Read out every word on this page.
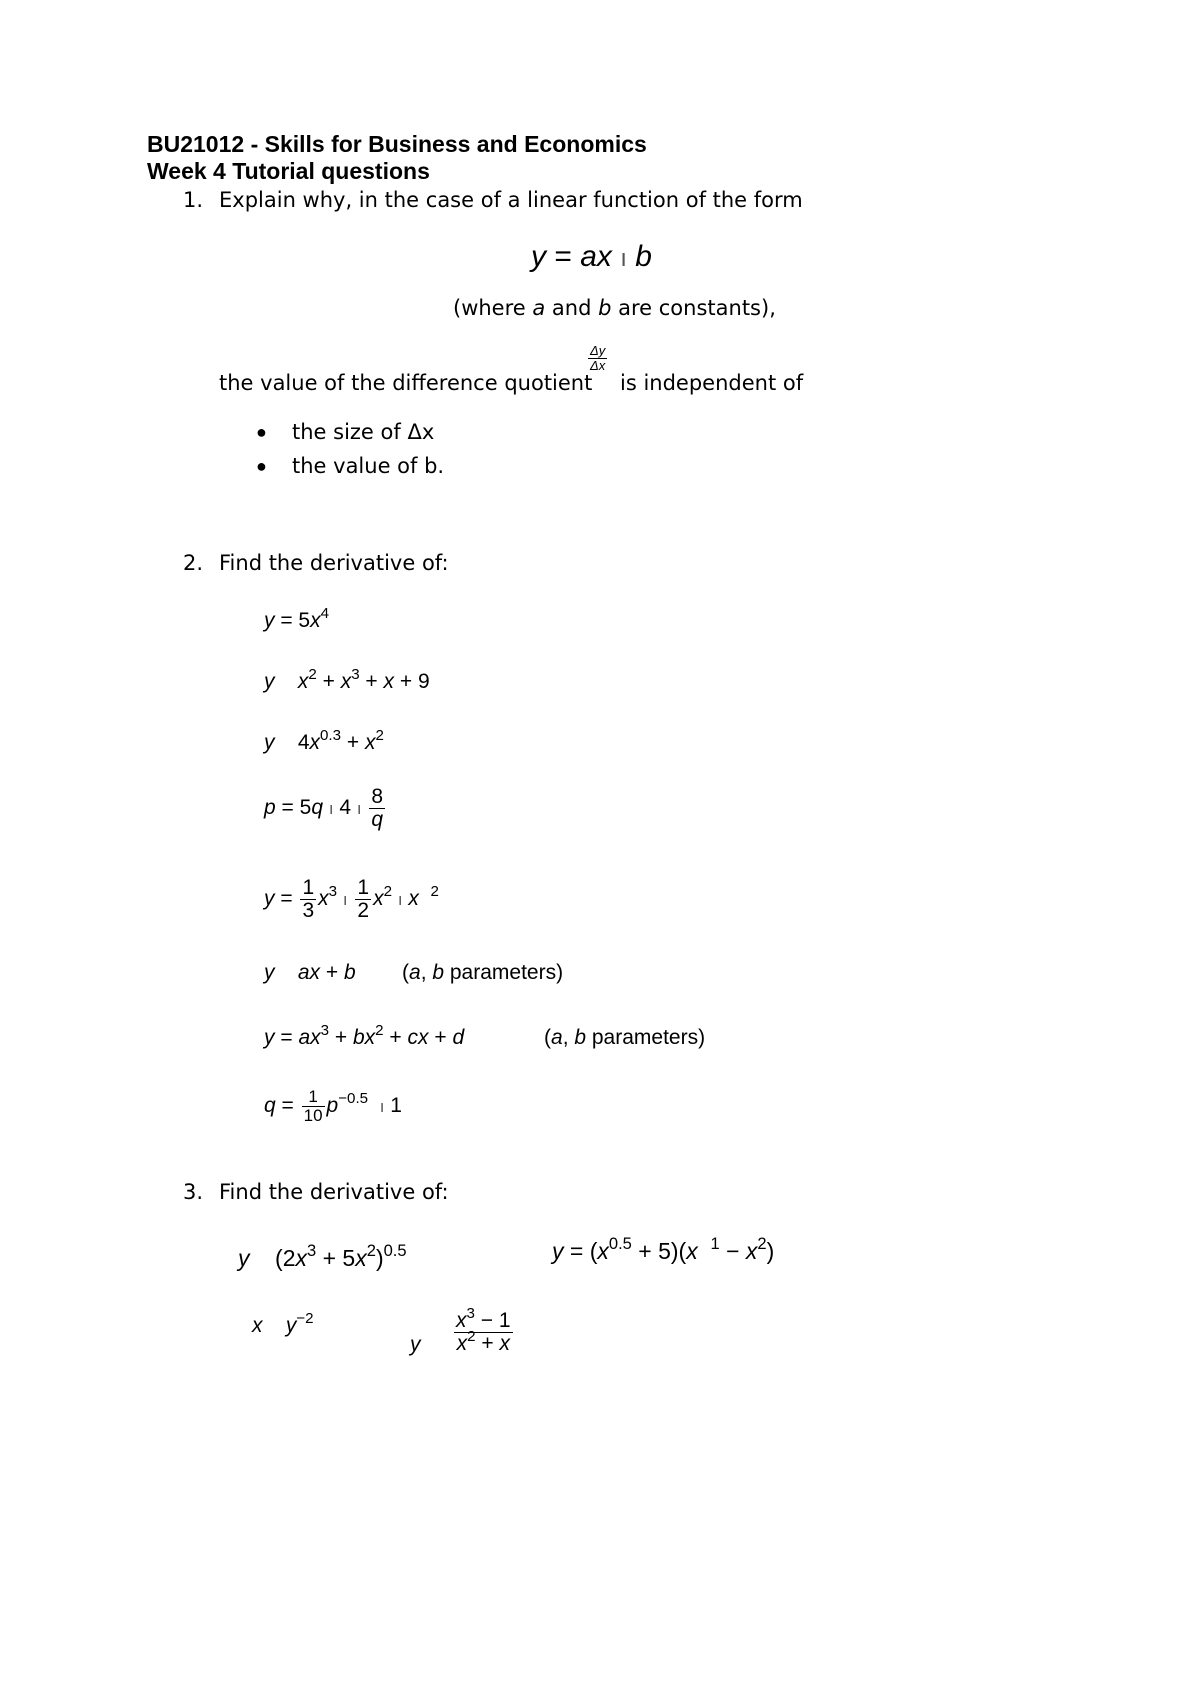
BU21012 - Skills for Business and Economics
Week 4 Tutorial questions
1. Explain why, in the case of a linear function of the form
y = ax ı b
(where a and b are constants),
the value of the difference quotient
$\frac{\Delta y}{\Delta x}$
is independent of
● the size of Δx
● the value of b.
2. Find the derivative of:
$y = 5x^4$
y $x^2 + x^3 + x + 9$
y    $4x^{0.3} + x^2$
p = 5q ı 4 ı $\frac{8}{q}$
$y = \frac{1}{3} x^3$ ı $\frac{1}{2} x^2$ ı x $^2$
y ax + b (a, b parameters)
$y = ax^3 + bx^2$ + cx + d	(a, b parameters)
$q = \frac{1}{10} p^{-0.5}$ ı 1
3. Find the derivative of:
y    $(2x^3 + 5x^2)^{0.5}$	$y = (x^{0.5} + 5)(x$ $^1 - x^2$)
x $y^{-2}$
y $\frac{x^3 - 1}{x^2 + x}$
